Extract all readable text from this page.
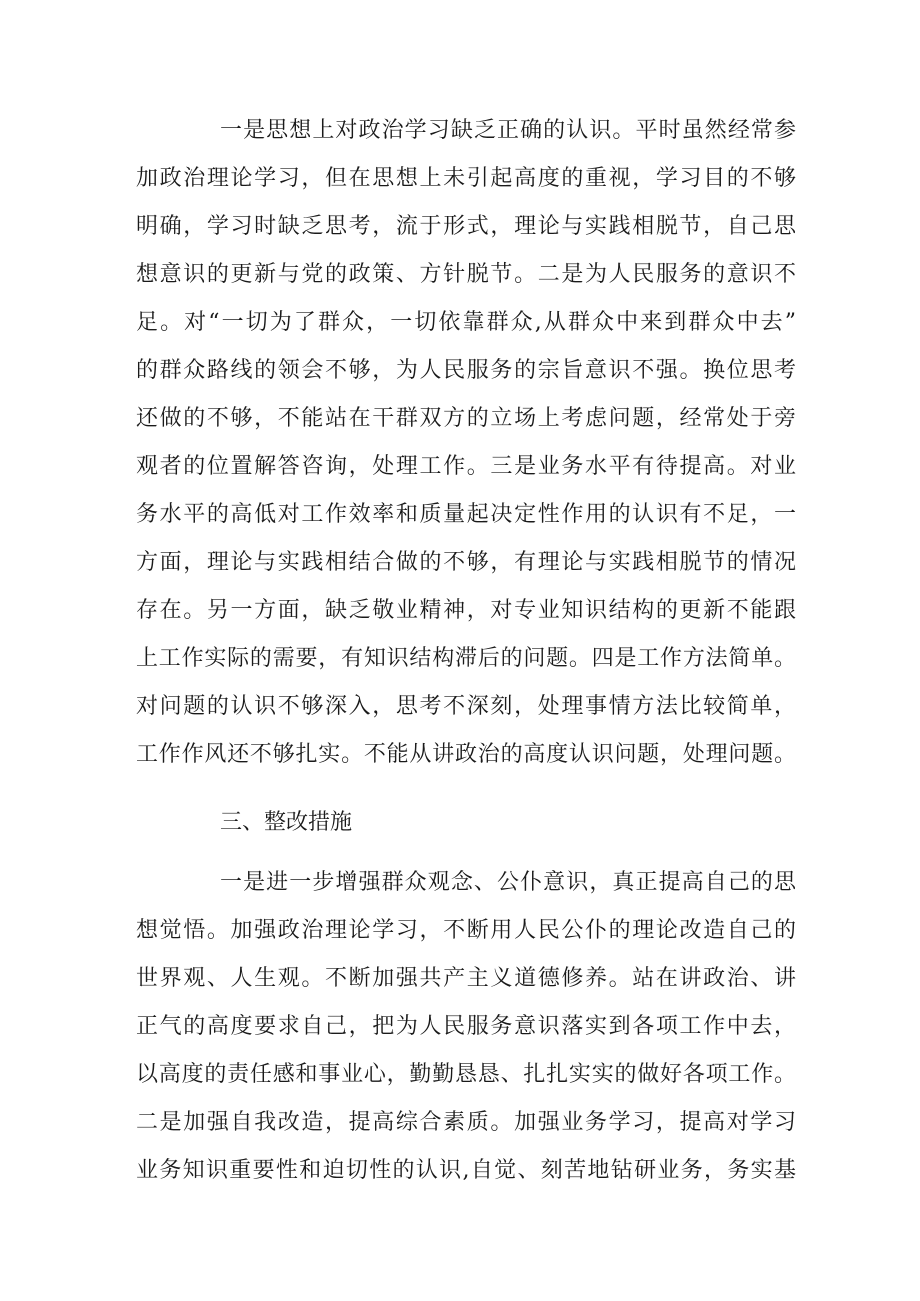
一是思想上对政治学习缺乏正确的认识。平时虽然经常参
加政治理论学习，但在思想上未引起高度的重视，学习目的不够
明确，学习时缺乏思考，流于形式，理论与实践相脱节，自己思
想意识的更新与党的政策、方针脱节。二是为人民服务的意识不
足。对“一切为了群众，一切依靠群众,从群众中来到群众中去”
的群众路线的领会不够，为人民服务的宗旨意识不强。换位思考
还做的不够，不能站在干群双方的立场上考虑问题，经常处于旁
观者的位置解答咨询，处理工作。三是业务水平有待提高。对业
务水平的高低对工作效率和质量起决定性作用的认识有不足，一
方面，理论与实践相结合做的不够，有理论与实践相脱节的情况
存在。另一方面，缺乏敬业精神，对专业知识结构的更新不能跟
上工作实际的需要，有知识结构滞后的问题。四是工作方法简单。
对问题的认识不够深入，思考不深刻，处理事情方法比较简单，
工作作风还不够扎实。不能从讲政治的高度认识问题，处理问题。
三、整改措施
一是进一步增强群众观念、公仆意识，真正提高自己的思
想觉悟。加强政治理论学习，不断用人民公仆的理论改造自己的
世界观、人生观。不断加强共产主义道德修养。站在讲政治、讲
正气的高度要求自己，把为人民服务意识落实到各项工作中去，
以高度的责任感和事业心，勤勤恳恳、扎扎实实的做好各项工作。
二是加强自我改造，提高综合素质。加强业务学习，提高对学习
业务知识重要性和迫切性的认识,自觉、刻苦地钻研业务，务实基
